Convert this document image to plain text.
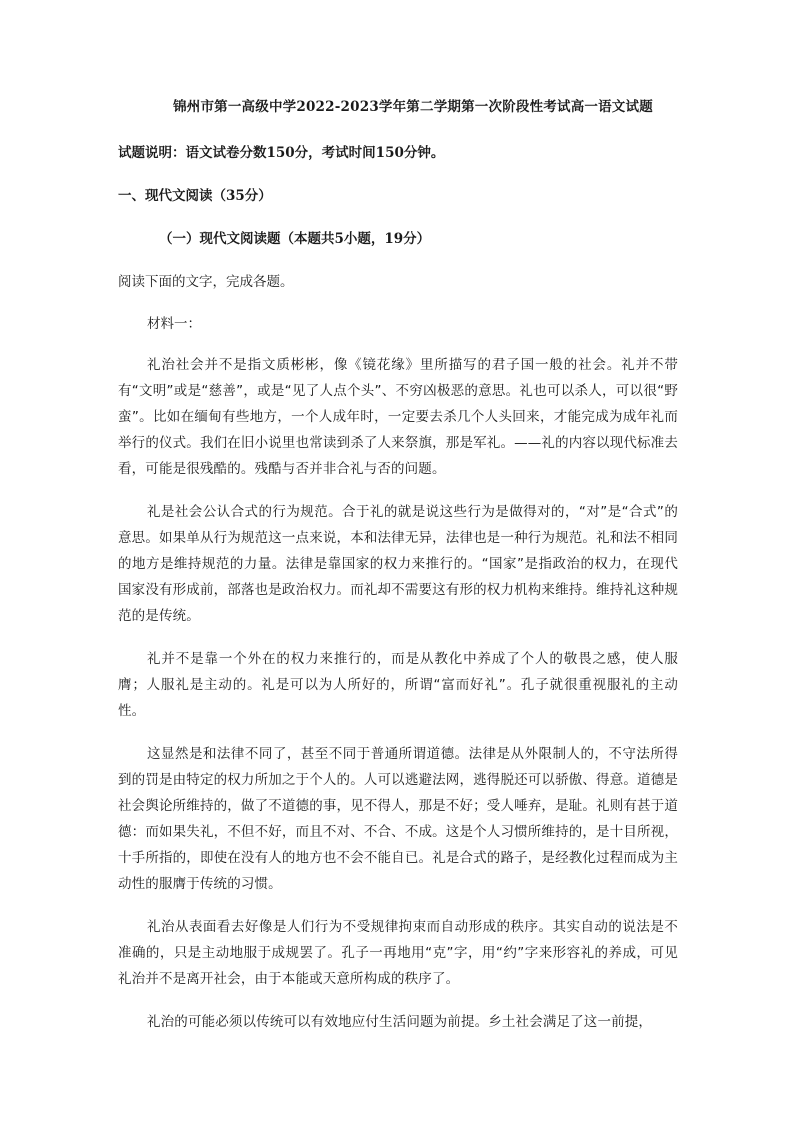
锦州市第一高级中学2022-2023学年第二学期第一次阶段性考试高一语文试题
试题说明：语文试卷分数150分，考试时间150分钟。
一、现代文阅读（35分）
（一）现代文阅读题（本题共5小题，19分）
阅读下面的文字，完成各题。
材料一：

礼治社会并不是指文质彬彬，像《镜花缘》里所描写的君子国一般的社会。礼并不带有“文明”或是“慈善”，或是“见了人点个头”、不穷凶极恶的意思。礼也可以杀人，可以很“野蛮”。比如在缅甸有些地方，一个人成年时，一定要去杀几个人头回来，才能完成为成年礼而举行的仪式。我们在旧小说里也常读到杀了人来祭旗，那是军礼。——礼的内容以现代标准去看，可能是很残酷的。残酷与否并非合礼与否的问题。

礼是社会公认合式的行为规范。合于礼的就是说这些行为是做得对的，“对”是“合式”的意思。如果单从行为规范这一点来说，本和法律无异，法律也是一种行为规范。礼和法不相同的地方是维持规范的力量。法律是靠国家的权力来推行的。“国家”是指政治的权力，在现代国家没有形成前，部落也是政治权力。而礼却不需要这有形的权力机构来维持。维持礼这种规范的是传统。

礼并不是靠一个外在的权力来推行的，而是从教化中养成了个人的敬畏之感，使人服膺；人服礼是主动的。礼是可以为人所好的，所谓“富而好礼”。孔子就很重视服礼的主动性。

这显然是和法律不同了，甚至不同于普通所谓道德。法律是从外限制人的，不守法所得到的罚是由特定的权力所加之于个人的。人可以逃避法网，逃得脱还可以骄傲、得意。道德是社会舆论所维持的，做了不道德的事，见不得人，那是不好；受人唾弃，是耻。礼则有甚于道德：而如果失礼，不但不好，而且不对、不合、不成。这是个人习惯所维持的，是十目所视，十手所指的，即使在没有人的地方也不会不能自已。礼是合式的路子，是经教化过程而成为主动性的服膺于传统的习惯。

礼治从表面看去好像是人们行为不受规律拘束而自动形成的秩序。其实自动的说法是不准确的，只是主动地服于成规罢了。孔子一再地用“克”字，用“约”字来形容礼的养成，可见礼治并不是离开社会，由于本能或天意所构成的秩序了。

礼治的可能必须以传统可以有效地应付生活问题为前提。乡土社会满足了这一前提，
